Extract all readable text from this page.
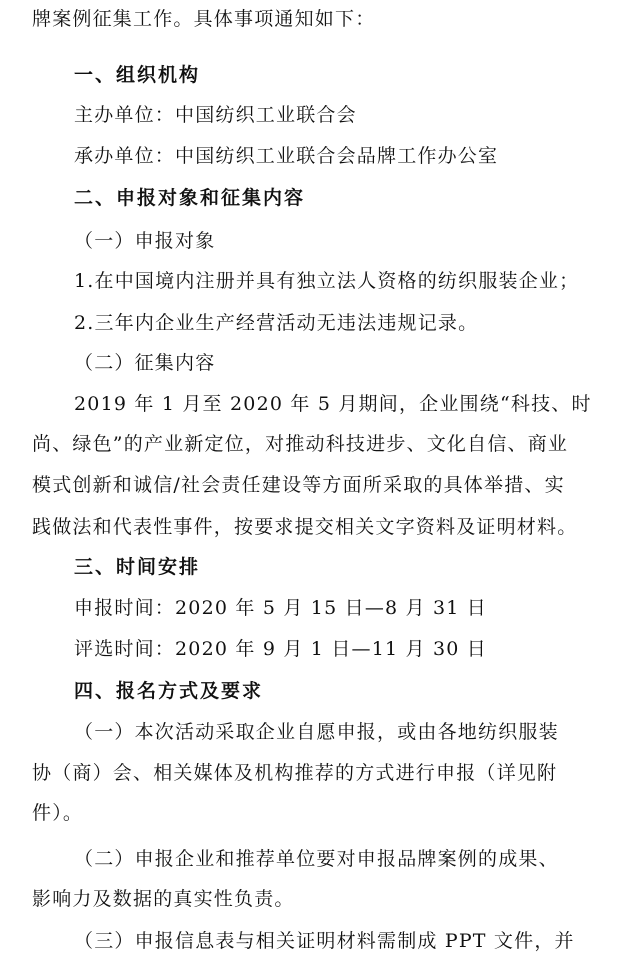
牌案例征集工作。具体事项通知如下：
一、组织机构
主办单位：中国纺织工业联合会
承办单位：中国纺织工业联合会品牌工作办公室
二、申报对象和征集内容
（一）申报对象
1.在中国境内注册并具有独立法人资格的纺织服装企业；
2.三年内企业生产经营活动无违法违规记录。
（二）征集内容
2019 年 1 月至 2020 年 5 月期间，企业围绕“科技、时
尚、绿色”的产业新定位，对推动科技进步、文化自信、商业
模式创新和诚信/社会责任建设等方面所采取的具体举措、实
践做法和代表性事件，按要求提交相关文字资料及证明材料。
三、时间安排
申报时间：2020 年 5 月 15 日—8 月 31 日
评选时间：2020 年 9 月 1 日—11 月 30 日
四、报名方式及要求
（一）本次活动采取企业自愿申报，或由各地纺织服装
协（商）会、相关媒体及机构推荐的方式进行申报（详见附
件）。
（二）申报企业和推荐单位要对申报品牌案例的成果、
影响力及数据的真实性负责。
（三）申报信息表与相关证明材料需制成 PPT 文件，并
